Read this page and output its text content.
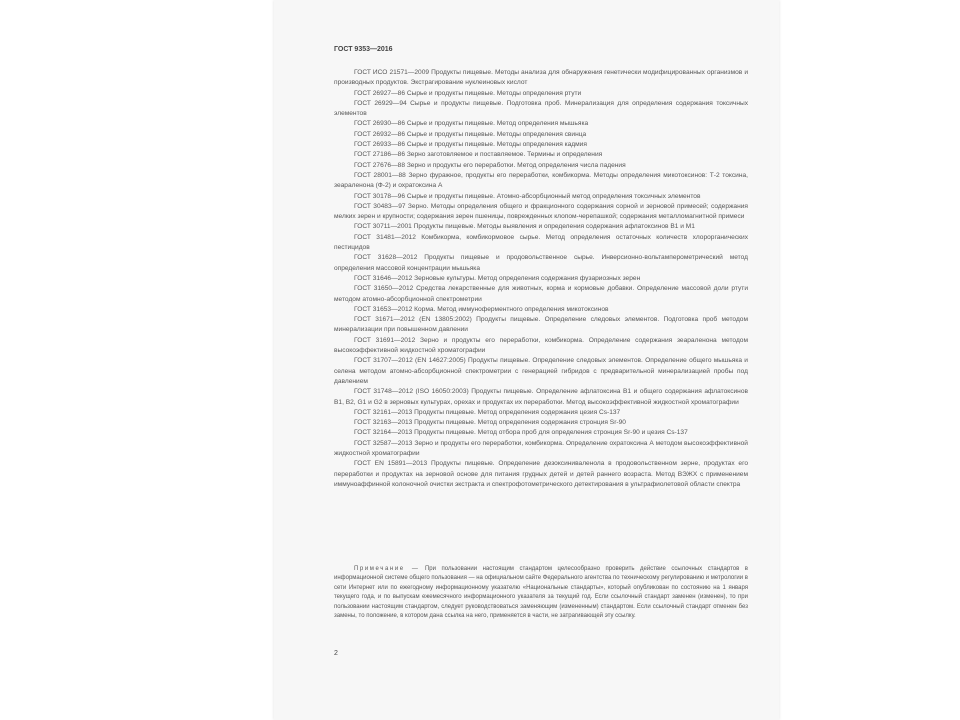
ГОСТ 9353—2016

ГОСТ ИСО 21571—2009 Продукты пищевые. Методы анализа для обнаружения генетически модифицированных организмов и производных продуктов. Экстрагирование нуклеиновых кислот

ГОСТ 26927—86 Сырье и продукты пищевые. Методы определения ртути

ГОСТ 26929—94 Сырье и продукты пищевые. Подготовка проб. Минерализация для определения содержания токсичных элементов

ГОСТ 26930—86 Сырье и продукты пищевые. Метод определения мышьяка

ГОСТ 26932—86 Сырье и продукты пищевые. Методы определения свинца

ГОСТ 26933—86 Сырье и продукты пищевые. Методы определения кадмия

ГОСТ 27186—86 Зерно заготовляемое и поставляемое. Термины и определения

ГОСТ 27676—88 Зерно и продукты его переработки. Метод определения числа падения

ГОСТ 28001—88 Зерно фуражное, продукты его переработки, комбикорма. Методы определения микотоксинов: Т-2 токсина, зеараленона (Ф-2) и охратоксина А

ГОСТ 30178—96 Сырье и продукты пищевые. Атомно-абсорбционный метод определения токсичных элементов

ГОСТ 30483—97 Зерно. Методы определения общего и фракционного содержания сорной и зерновой примесей; содержания мелких зерен и крупности; содержания зерен пшеницы, поврежденных клопом-черепашкой; содержания металломагнитной примеси

ГОСТ 30711—2001 Продукты пищевые. Методы выявления и определения содержания афлатоксинов В1 и М1

ГОСТ 31481—2012 Комбикорма, комбикормовое сырье. Метод определения остаточных количеств хлорорганических пестицидов

ГОСТ 31628—2012 Продукты пищевые и продовольственное сырье. Инверсионно-вольтамперометрический метод определения массовой концентрации мышьяка

ГОСТ 31646—2012 Зерновые культуры. Метод определения содержания фузариозных зерен

ГОСТ 31650—2012 Средства лекарственные для животных, корма и кормовые добавки. Определение массовой доли ртути методом атомно-абсорбционной спектрометрии

ГОСТ 31653—2012 Корма. Метод иммуноферментного определения микотоксинов

ГОСТ 31671—2012 (EN 13805:2002) Продукты пищевые. Определение следовых элементов. Подготовка проб методом минерализации при повышенном давлении

ГОСТ 31691—2012 Зерно и продукты его переработки, комбикорма. Определение содержания зеараленона методом высокоэффективной жидкостной хроматографии

ГОСТ 31707—2012 (EN 14627:2005) Продукты пищевые. Определение следовых элементов. Определение общего мышьяка и селена методом атомно-абсорбционной спектрометрии с генерацией гибридов с предварительной минерализацией пробы под давлением

ГОСТ 31748—2012 (ISO 16050:2003) Продукты пищевые. Определение афлатоксина B1 и общего содержания афлатоксинов B1, B2, G1 и G2 в зерновых культурах, орехах и продуктах их переработки. Метод высокоэффективной жидкостной хроматографии

ГОСТ 32161—2013 Продукты пищевые. Метод определения содержания цезия Cs-137

ГОСТ 32163—2013 Продукты пищевые. Метод определения содержания стронция Sr-90

ГОСТ 32164—2013 Продукты пищевые. Метод отбора проб для определения стронция Sr-90 и цезия Cs-137

ГОСТ 32587—2013 Зерно и продукты его переработки, комбикорма. Определение охратоксина А методом высокоэффективной жидкостной хроматографии

ГОСТ EN 15891—2013 Продукты пищевые. Определение дезоксиниваленола в продовольственном зерне, продуктах его переработки и продуктах на зерновой основе для питания грудных детей и детей раннего возраста. Метод ВЭЖХ с применением иммуноаффинной колоночной очистки экстракта и спектрофотометрического детектирования в ультрафиолетовой области спектра

Примечание — При пользовании настоящим стандартом целесообразно проверить действие ссылочных стандартов в информационной системе общего пользования — на официальном сайте Федерального агентства по техническому регулированию и метрологии в сети Интернет или по ежегодному информационному указателю «Национальные стандарты», который опубликован по состоянию на 1 января текущего года, и по выпускам ежемесячного информационного указателя за текущий год. Если ссылочный стандарт заменен (изменен), то при пользовании настоящим стандартом, следует руководствоваться заменяющим (измененным) стандартом. Если ссылочный стандарт отменен без замены, то положение, в котором дана ссылка на него, применяется в части, не затрагивающей эту ссылку.
2
